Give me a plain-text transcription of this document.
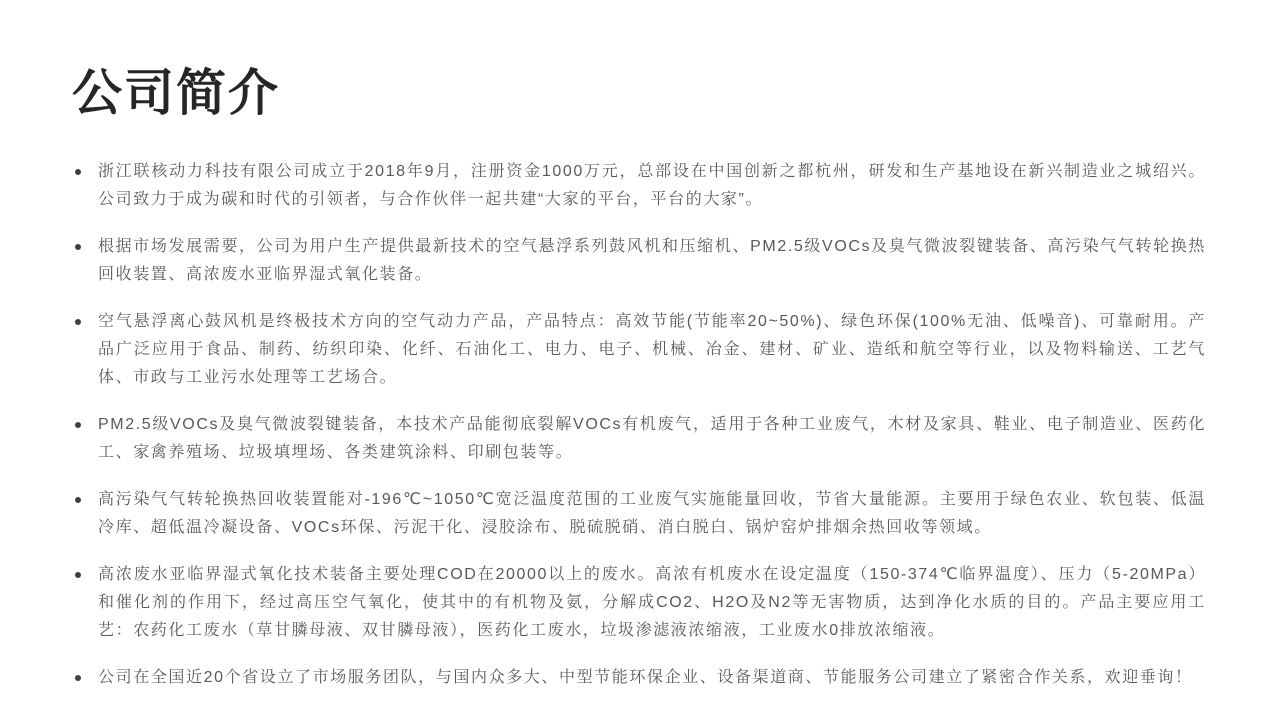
公司简介
浙江联核动力科技有限公司成立于2018年9月，注册资金1000万元，总部设在中国创新之都杭州，研发和生产基地设在新兴制造业之城绍兴。公司致力于成为碳和时代的引领者，与合作伙伴一起共建“大家的平台，平台的大家”。
根据市场发展需要，公司为用户生产提供最新技术的空气悬浮系列鼓风机和压缩机、PM2.5级VOCs及臭气微波裂键装备、高污染气气转轮换热回收装置、高浓废水亚临界湿式氧化装备。
空气悬浮离心鼓风机是终极技术方向的空气动力产品，产品特点：高效节能(节能率20~50%)、绿色环保(100%无油、低噪音)、可靠耐用。产品广泛应用于食品、制药、纺织印染、化纤、石油化工、电力、电子、机械、冶金、建材、矿业、造纸和航空等行业，以及物料输送、工艺气体、市政与工业污水处理等工艺场合。
PM2.5级VOCs及臭气微波裂键装备，本技术产品能彻底裂解VOCs有机废气，适用于各种工业废气，木材及家具、鞋业、电子制造业、医药化工、家禽养殖场、垃圾填埋场、各类建筑涂料、印刷包装等。
高污染气气转轮换热回收装置能对-196℃~1050℃宽泛温度范围的工业废气实施能量回收，节省大量能源。主要用于绿色农业、软包装、低温冷库、超低温冷凝设备、VOCs环保、污泥干化、浸胶涂布、脱硫脱硝、消白脱白、锅炉窑炉排烟余热回收等领域。
高浓废水亚临界湿式氧化技术装备主要处理COD在20000以上的废水。高浓有机废水在设定温度（150-374℃临界温度）、压力（5-20MPa）和催化剂的作用下，经过高压空气氧化，使其中的有机物及氨，分解成CO2、H2O及N2等无害物质，达到净化水质的目的。产品主要应用工艺：农药化工废水（草甘膦母液、双甘膦母液），医药化工废水，垃圾渗滤液浓缩液，工业废水0排放浓缩液。
公司在全国近20个省设立了市场服务团队，与国内众多大、中型节能环保企业、设备渠道商、节能服务公司建立了紧密合作关系，欢迎垂询！
